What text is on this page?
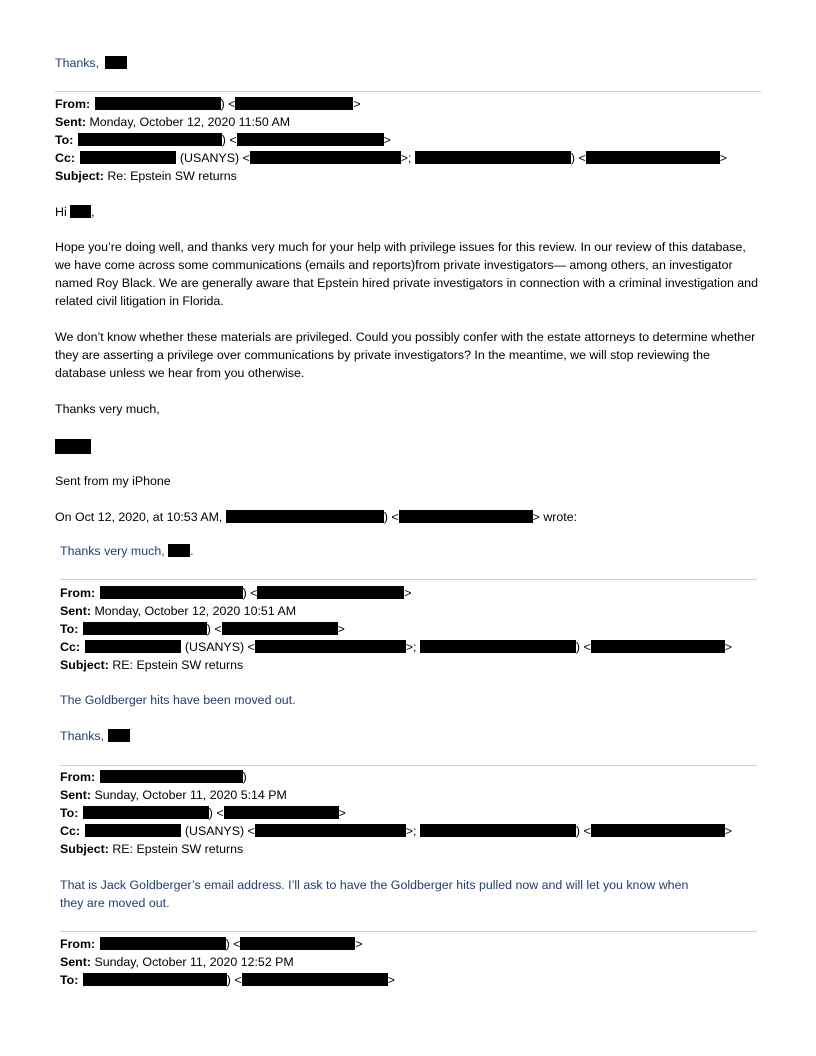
Thanks,
From:	) <	>
Sent: Monday, October 12, 2020 11:50 AM
To:	) <	>
Cc:	(USANYS) <	>;	) <	>
Subject: Re: Epstein SW returns
Hi ,
Hope you’re doing well, and thanks very much for your help with privilege issues for this review. In our review of this database, we have come across some communications (emails and reports)from private investigators— among others, an investigator named Roy Black. We are generally aware that Epstein hired private investigators in connection with a criminal investigation and related civil litigation in Florida.
We don’t know whether these materials are privileged. Could you possibly confer with the estate attorneys to determine whether they are asserting a privilege over communications by private investigators? In the meantime, we will stop reviewing the database unless we hear from you otherwise.
Thanks very much,
Sent from my iPhone
On Oct 12, 2020, at 10:53 AM,	) <	> wrote:
Thanks very much, .
From:	) <	>
Sent: Monday, October 12, 2020 10:51 AM
To:	) <	>
Cc:	(USANYS) <	>;	) <	>
Subject: RE: Epstein SW returns
The Goldberger hits have been moved out.
Thanks,
From:	)
Sent: Sunday, October 11, 2020 5:14 PM
To:	) <	>
Cc:	(USANYS) <	>;	) <	>
Subject: RE: Epstein SW returns
That is Jack Goldberger’s email address. I’ll ask to have the Goldberger hits pulled now and will let you know when
they are moved out.
From:	) <	>
Sent: Sunday, October 11, 2020 12:52 PM
To:	) <	>
